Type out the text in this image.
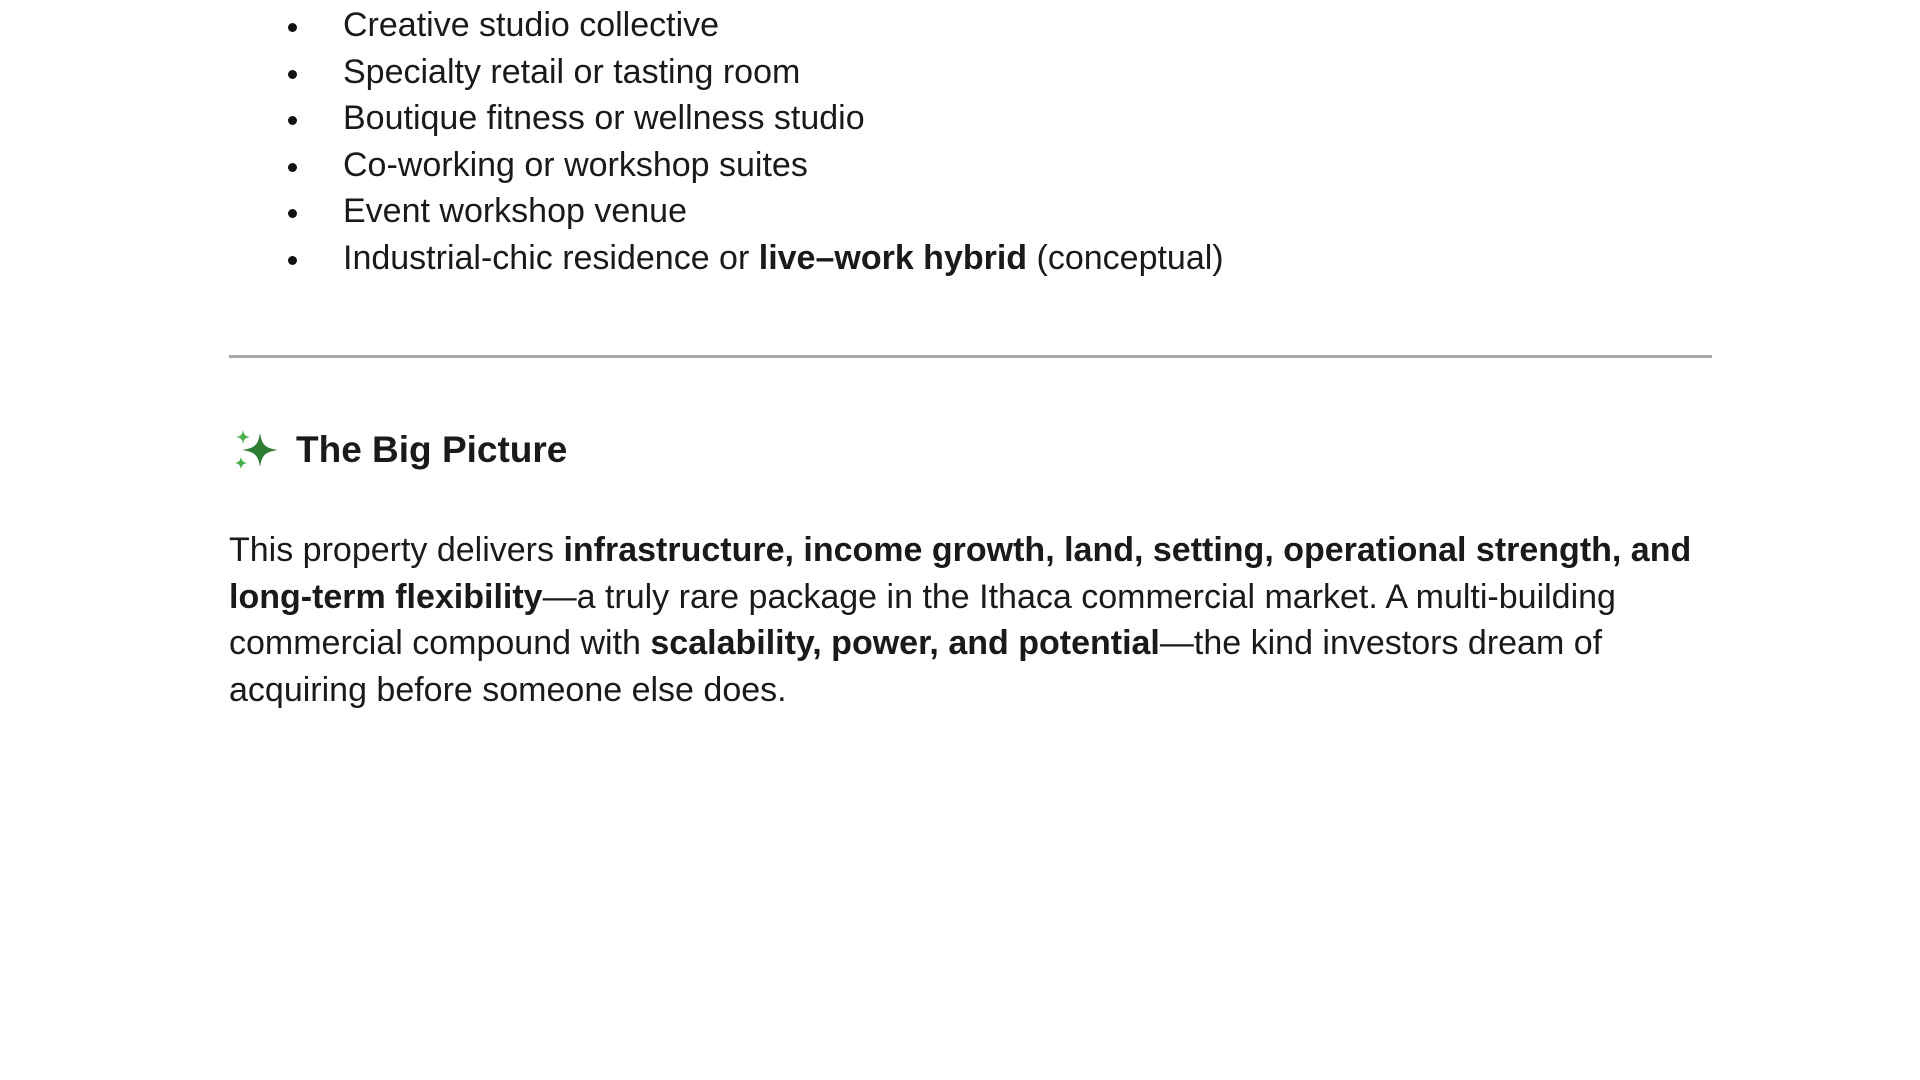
Creative studio collective
Specialty retail or tasting room
Boutique fitness or wellness studio
Co-working or workshop suites
Event workshop venue
Industrial-chic residence or live–work hybrid (conceptual)
The Big Picture

This property delivers infrastructure, income growth, land, setting, operational strength, and long-term flexibility—a truly rare package in the Ithaca commercial market. A multi-building commercial compound with scalability, power, and potential—the kind investors dream of acquiring before someone else does.
